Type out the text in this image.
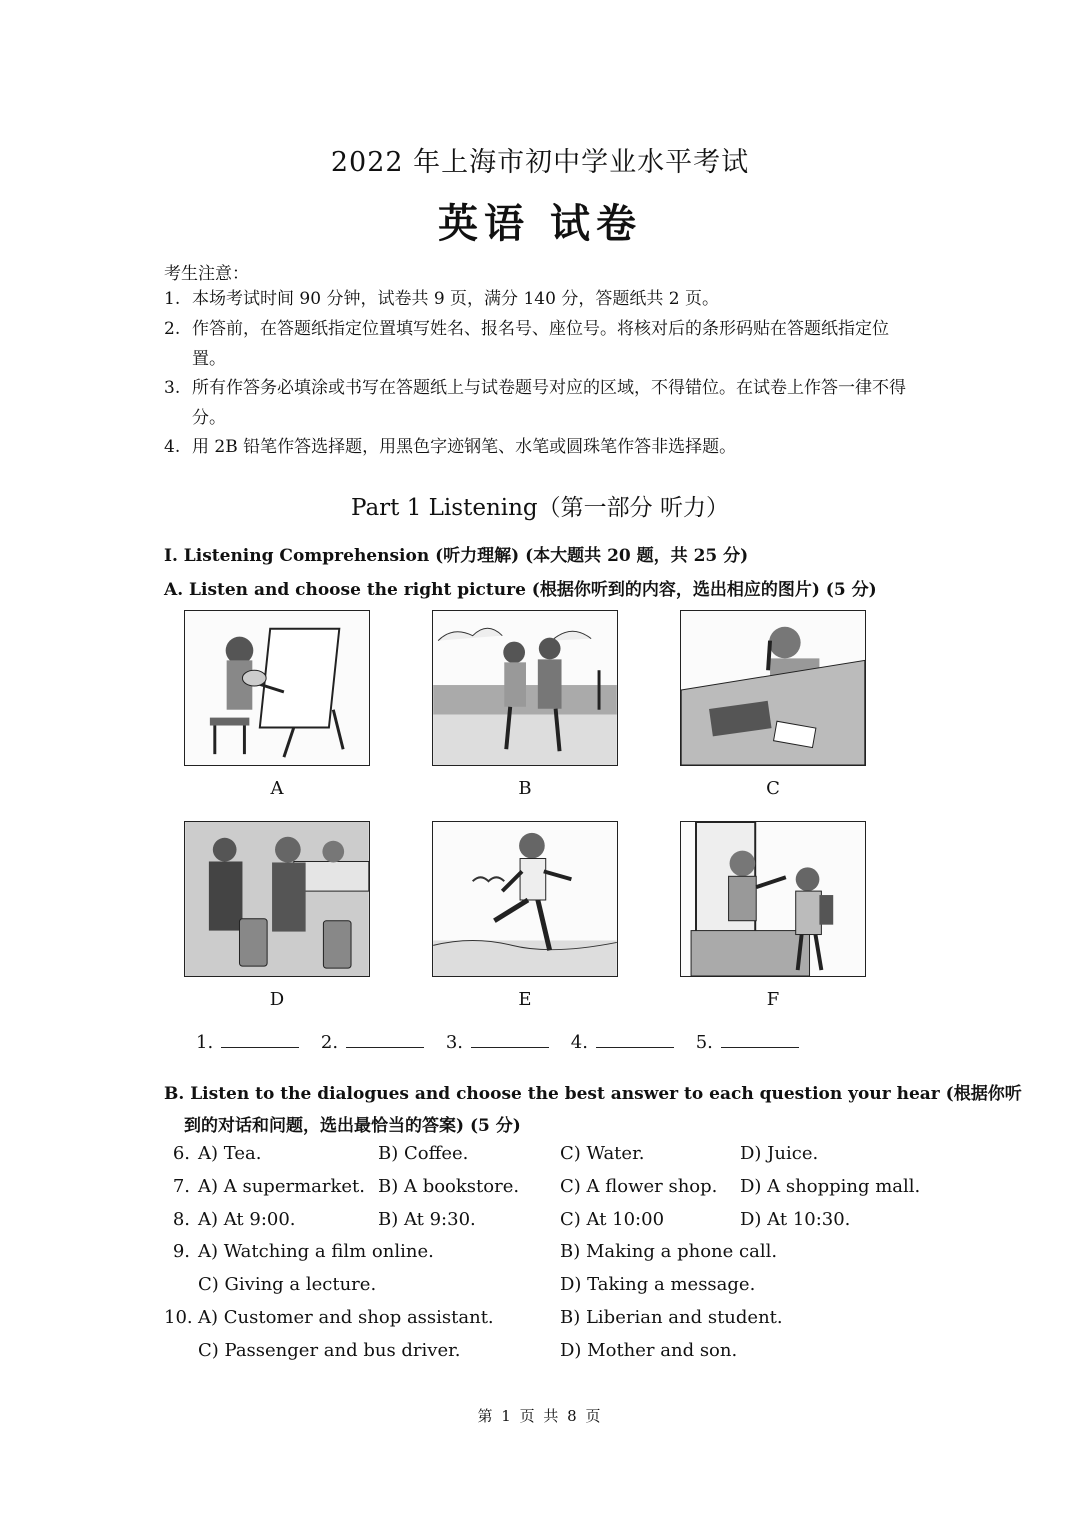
2022 年上海市初中学业水平考试
英语 试卷
考生注意：
1. 本场考试时间 90 分钟，试卷共 9 页，满分 140 分，答题纸共 2 页。
2. 作答前，在答题纸指定位置填写姓名、报名号、座位号。将核对后的条形码贴在答题纸指定位置。
3. 所有作答务必填涂或书写在答题纸上与试卷题号对应的区域，不得错位。在试卷上作答一律不得分。
4. 用 2B 铅笔作答选择题，用黑色字迹钢笔、水笔或圆珠笔作答非选择题。
Part 1 Listening（第一部分 听力）
I. Listening Comprehension (听力理解) (本大题共 20 题，共 25 分)
A. Listen and choose the right picture (根据你听到的内容，选出相应的图片) (5 分)
A	B	C
D	E	F
1.	2.	3.	4.	5.
B. Listen to the dialogues and choose the best answer to each question your hear (根据你听
到的对话和问题，选出最恰当的答案) (5 分)
6. A) Tea.	B) Coffee.	C) Water.	D) Juice.
7. A) A supermarket. B) A bookstore. C) A flower shop. D) A shopping mall.
8. A) At 9:00.	B) At 9:30.	C) At 10:00	D) At 10:30.
9. A) Watching a film online.	B) Making a phone call.
C) Giving a lecture.	D) Taking a message.
10. A) Customer and shop assistant.	B) Liberian and student.
C) Passenger and bus driver.	D) Mother and son.
第 1 页 共 8 页
